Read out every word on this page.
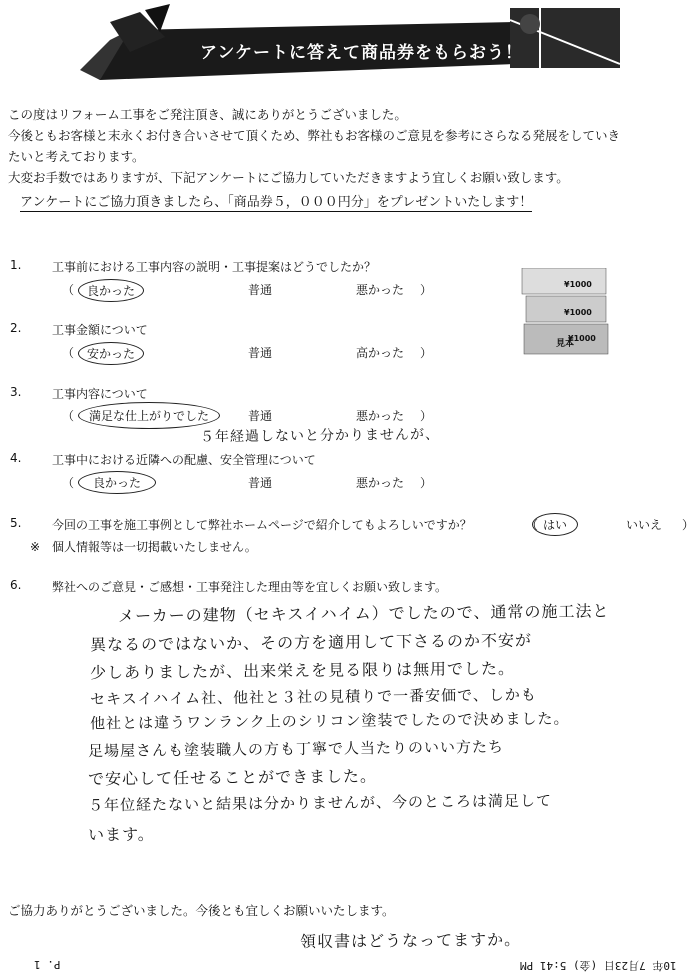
アンケートに答えて商品券をもらおう！

この度はリフォーム工事をご発注頂き、誠にありがとうございました。

今後ともお客様と末永くお付き合いさせて頂くため、弊社もお客様のご意見を参考にさらなる発展をしていき

たいと考えております。

大変お手数ではありますが、下記アンケートにご協力していただきますよう宜しくお願い致します。

アンケートにご協力頂きましたら、「商品券５，０００円分」をプレゼントいたします！
¥1000
¥1000
¥1000
見本
1.	工事前における工事内容の説明・工事提案はどうでしたか？
（	良かった	普通	悪かった ）
2.	工事金額について
（	安かった	普通	高かった ）
3.	工事内容について
（	満足な仕上がりでした	普通	悪かった ）
５年経過しないと分かりませんが、
4.	工事中における近隣への配慮、安全管理について
（	良かった	普通	悪かった ）
5.	今回の工事を施工事例として弊社ホームページで紹介してもよろしいですか？	（ はい	いいえ ）
※　個人情報等は一切掲載いたしません。
6.	弊社へのご意見・ご感想・工事発注した理由等を宜しくお願い致します。
メーカーの建物（セキスイハイム）でしたので、通常の施工法と
異なるのではないか、その方を適用して下さるのか不安が
少しありましたが、出来栄えを見る限りは無用でした。
セキスイハイム社、他社と３社の見積りで一番安価で、しかも
他社とは違うワンランク上のシリコン塗装でしたので決めました。
足場屋さんも塗装職人の方も丁寧で人当たりのいい方たち
で安心して任せることができました。
５年位経たないと結果は分かりませんが、今のところは満足して
います。
ご協力ありがとうございました。今後とも宜しくお願いいたします。
領収書はどうなってますか。
10年 7月23日 (金) 5:41 PM
P. 1
